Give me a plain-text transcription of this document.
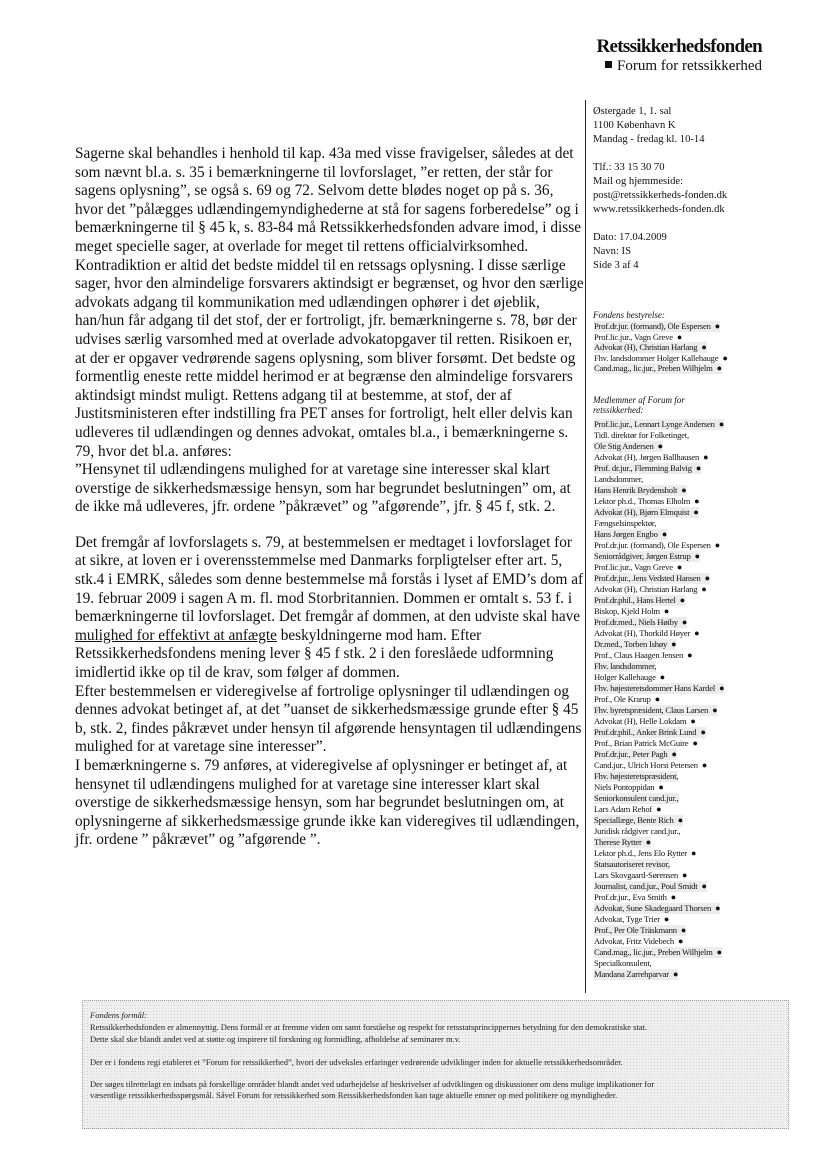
Retssikkerhedsfonden
Forum for retssikkerhed
Østergade 1, 1. sal
1100 København K
Mandag - fredag kl. 10-14
Tlf.: 33 15 30 70
Mail og hjemmeside:
post@retssikkerheds-fonden.dk
www.retssikkerheds-fonden.dk
Dato: 17.04.2009
Navn: IS
Side 3 af 4
Fondens bestyrelse:
Prof.dr.jur. (formand), Ole Espersen ●
Prof.lic.jur., Vagn Greve ●
Advokat (H), Christian Harlang ●
Fhv. landsdommer Holger Kallehauge ●
Cand.mag., lic.jur., Preben Wilhjelm ●
Medlemmer af Forum for
retssikkerhed:
Prof.lic.jur., Lennart Lynge Andersen ●
Tidl. direktør for Folketinget,
Ole Stig Andersen ●
Advokat (H), Jørgen Ballhausen ●
Prof. dr.jur., Flemming Balvig ●
Landsdommer,
Hans Henrik Brydensholt ●
Lektor ph.d., Thomas Elholm ●
Advokat (H), Bjørn Elmquist ●
Fængselsinspektør,
Hans Jørgen Engbo ●
Prof.dr.jur. (formand), Ole Espersen ●
Seniorrådgiver, Jørgen Estrup ●
Prof.lic.jur., Vagn Greve ●
Prof.dr.jur., Jens Vedsted Hansen ●
Advokat (H), Christian Harlang ●
Prof.dr.phil., Hans Hertel ●
Biskop, Kjeld Holm ●
Prof.dr.med., Niels Høiby ●
Advokat (H), Thorkild Høyer ●
Dr.med., Torben Ishøy ●
Prof., Claus Haagen Jensen ●
Fhv. landsdommer,
Holger Kallehauge ●
Fhv. højesteretsdommer Hans Kardel ●
Prof., Ole Krarup ●
Fhv. byretspræsident, Claus Larsen ●
Advokat (H), Helle Lokdam ●
Prof.dr.phil., Anker Brink Lund ●
Prof., Brian Patrick McGuire ●
Prof.dr.jur., Peter Pagh ●
Cand.jur., Ulrich Horst Petersen ●
Fhv. højesteretspræsident,
Niels Pontoppidan ●
Seniorkonsulent cand.jur.,
Lars Adam Rehof ●
Speciallæge, Bente Rich ●
Juridisk rådgiver cand.jur.,
Therese Rytter ●
Lektor ph.d., Jens Elo Rytter ●
Statsautoriseret revisor,
Lars Skovgaard-Sørensen ●
Journalist, cand.jur., Poul Smidt ●
Prof.dr.jur., Eva Smith ●
Advokat, Sune Skadegaard Thorsen ●
Advokat, Tyge Trier ●
Prof., Per Ole Träskmann ●
Advokat, Fritz Videbech ●
Cand.mag., lic.jur., Preben Wilhjelm ●
Specialkonsulent,
Mandana Zarrehparvar ●

Sagerne skal behandles i henhold til kap. 43a med visse fravigelser, således at det som nævnt bl.a. s. 35 i bemærkningerne til lovforslaget, ”er retten, der står for sagens oplysning”, se også s. 69 og 72. Selvom dette blødes noget op på s. 36, hvor det ”pålægges udlændingemyndighederne at stå for sagens forberedelse” og i bemærkningerne til § 45 k, s. 83-84 må Retssikkerhedsfonden advare imod, i disse meget specielle sager, at overlade for meget til rettens officialvirksomhed. Kontradiktion er altid det bedste middel til en retssags oplysning. I disse særlige sager, hvor den almindelige forsvarers aktindsigt er begrænset, og hvor den særlige advokats adgang til kommunikation med udlændingen ophører i det øjeblik, han/hun får adgang til det stof, der er fortroligt, jfr. bemærkningerne s. 78, bør der udvises særlig varsomhed med at overlade advokatopgaver til retten. Risikoen er, at der er opgaver vedrørende sagens oplysning, som bliver forsømt. Det bedste og formentlig eneste rette middel herimod er at begrænse den almindelige forsvarers aktindsigt mindst muligt. Rettens adgang til at bestemme, at stof, der af Justitsministeren efter indstilling fra PET anses for fortroligt, helt eller delvis kan udleveres til udlændingen og dennes advokat, omtales bl.a., i bemærkningerne s. 79, hvor det bl.a. anføres:

”Hensynet til udlændingens mulighed for at varetage sine interesser skal klart overstige de sikkerhedsmæssige hensyn, som har begrundet beslutningen” om, at de ikke må udleveres, jfr. ordene ”påkrævet” og ”afgørende”, jfr. § 45 f, stk. 2.

Det fremgår af lovforslagets s. 79, at bestemmelsen er medtaget i lovforslaget for at sikre, at loven er i overensstemmelse med Danmarks forpligtelser efter art. 5, stk.4 i EMRK, således som denne bestemmelse må forstås i lyset af EMD’s dom af 19. februar 2009 i sagen A m. fl. mod Storbritannien. Dommen er omtalt s. 53 f. i bemærkningerne til lovforslaget. Det fremgår af dommen, at den udviste skal have mulighed for effektivt at anfægte beskyldningerne mod ham. Efter Retssikkerhedsfondens mening lever § 45 f stk. 2 i den foreslåede udformning imidlertid ikke op til de krav, som følger af dommen.

Efter bestemmelsen er videregivelse af fortrolige oplysninger til udlændingen og dennes advokat betinget af, at det ”uanset de sikkerhedsmæssige grunde efter § 45 b, stk. 2, findes påkrævet under hensyn til afgørende hensyntagen til udlændingens mulighed for at varetage sine interesser”.

I bemærkningerne s. 79 anføres, at videregivelse af oplysninger er betinget af, at hensynet til udlændingens mulighed for at varetage sine interesser klart skal overstige de sikkerhedsmæssige hensyn, som har begrundet beslutningen om, at oplysningerne af sikkerhedsmæssige grunde ikke kan videregives til udlændingen, jfr. ordene ” påkrævet” og ”afgørende ”.

Fondens formål:
Retssikkerhedsfonden er almennyttig. Dens formål er at fremme viden om samt forståelse og respekt for retsstatsprincippernes betydning for den demokratiske stat.
Dette skal ske blandt andet ved at støtte og inspirere til forskning og formidling, afholdelse af seminarer m.v.
Der er i fondens regi etableret et ”Forum for retssikkerhed”, hvori der udveksles erfaringer vedrørende udviklinger inden for aktuelle retssikkerhedsområder.
Der søges tilrettelagt en indsats på forskellige områder blandt andet ved udarbejdelse af beskrivelser af udviklingen og diskussioner om dens mulige implikationer for
væsentlige retssikkerhedsspørgsmål. Såvel Forum for retssikkerhed som Retssikkerhedsfonden kan tage aktuelle emner op med politikere og myndigheder.
